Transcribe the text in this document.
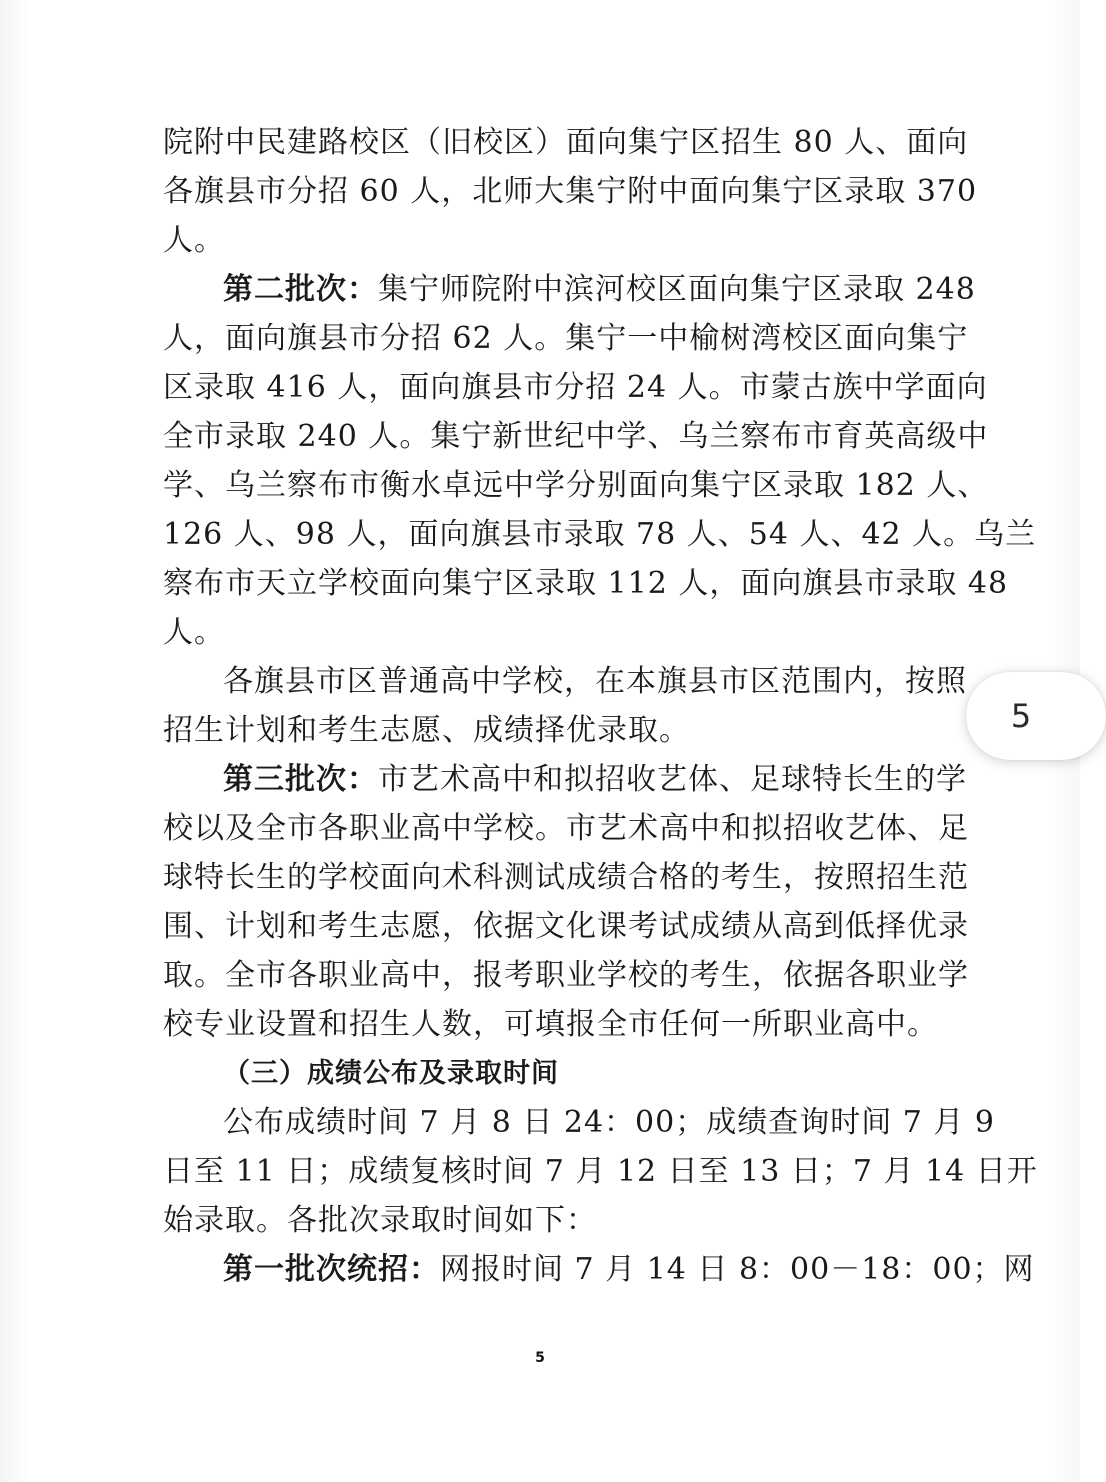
院附中民建路校区（旧校区）面向集宁区招生 80 人、面向
各旗县市分招 60 人，北师大集宁附中面向集宁区录取 370
人。
第二批次：集宁师院附中滨河校区面向集宁区录取 248
人，面向旗县市分招 62 人。集宁一中榆树湾校区面向集宁
区录取 416 人，面向旗县市分招 24 人。市蒙古族中学面向
全市录取 240 人。集宁新世纪中学、乌兰察布市育英高级中
学、乌兰察布市衡水卓远中学分别面向集宁区录取 182 人、
126 人、98 人，面向旗县市录取 78 人、54 人、42 人。乌兰
察布市天立学校面向集宁区录取 112 人，面向旗县市录取 48
人。
各旗县市区普通高中学校，在本旗县市区范围内，按照
招生计划和考生志愿、成绩择优录取。
第三批次：市艺术高中和拟招收艺体、足球特长生的学
校以及全市各职业高中学校。市艺术高中和拟招收艺体、足
球特长生的学校面向术科测试成绩合格的考生，按照招生范
围、计划和考生志愿，依据文化课考试成绩从高到低择优录
取。全市各职业高中，报考职业学校的考生，依据各职业学
校专业设置和招生人数，可填报全市任何一所职业高中。
（三）成绩公布及录取时间
公布成绩时间 7 月 8 日 24：00；成绩查询时间 7 月 9
日至 11 日；成绩复核时间 7 月 12 日至 13 日；7 月 14 日开
始录取。各批次录取时间如下：
第一批次统招：网报时间 7 月 14 日 8：00－18：00；网
5
5
